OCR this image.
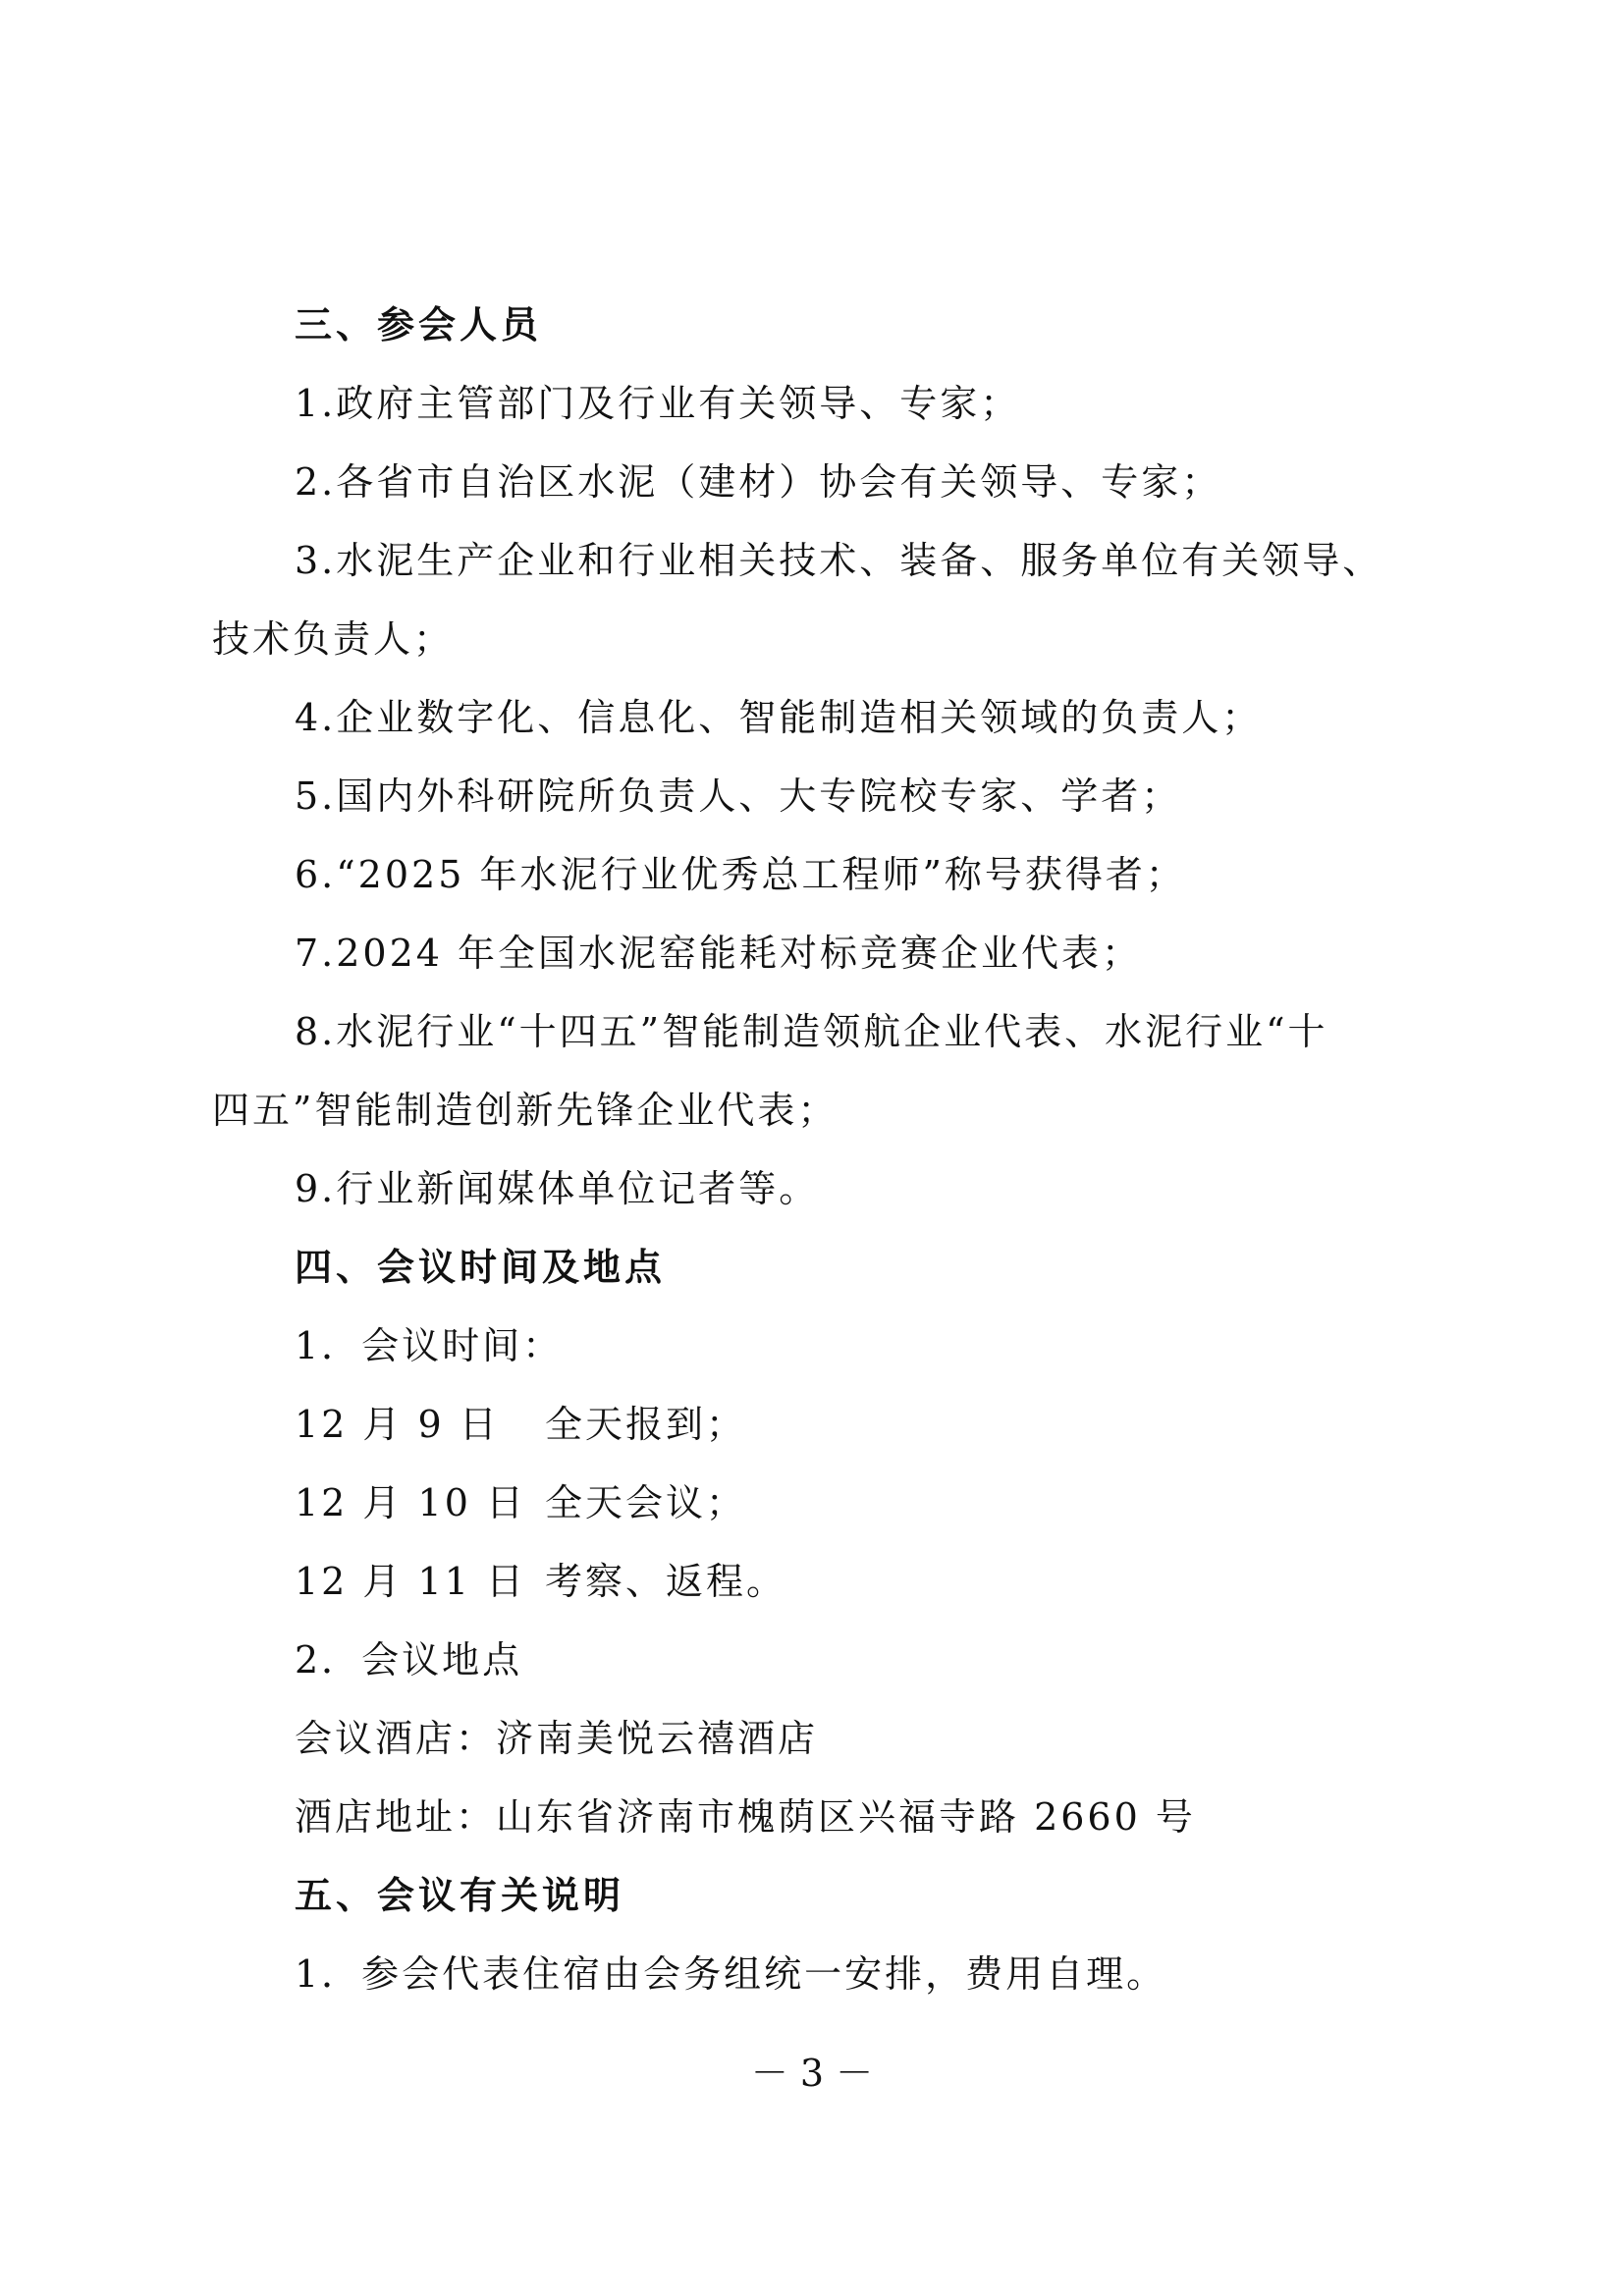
三、参会人员
1.政府主管部门及行业有关领导、专家；
2.各省市自治区水泥（建材）协会有关领导、专家；
3.水泥生产企业和行业相关技术、装备、服务单位有关领导、
技术负责人；
4.企业数字化、信息化、智能制造相关领域的负责人；
5.国内外科研院所负责人、大专院校专家、学者；
6.“2025 年水泥行业优秀总工程师”称号获得者；
7.2024 年全国水泥窑能耗对标竞赛企业代表；
8.水泥行业“十四五”智能制造领航企业代表、水泥行业“十
四五”智能制造创新先锋企业代表；
9.行业新闻媒体单位记者等。
四、会议时间及地点
1．会议时间：
12 月 9 日 全天报到；
12 月 10 日 全天会议；
12 月 11 日 考察、返程。
2．会议地点
会议酒店：济南美悦云禧酒店
酒店地址：山东省济南市槐荫区兴福寺路 2660 号
五、会议有关说明
1．参会代表住宿由会务组统一安排，费用自理。
－ 3 －
